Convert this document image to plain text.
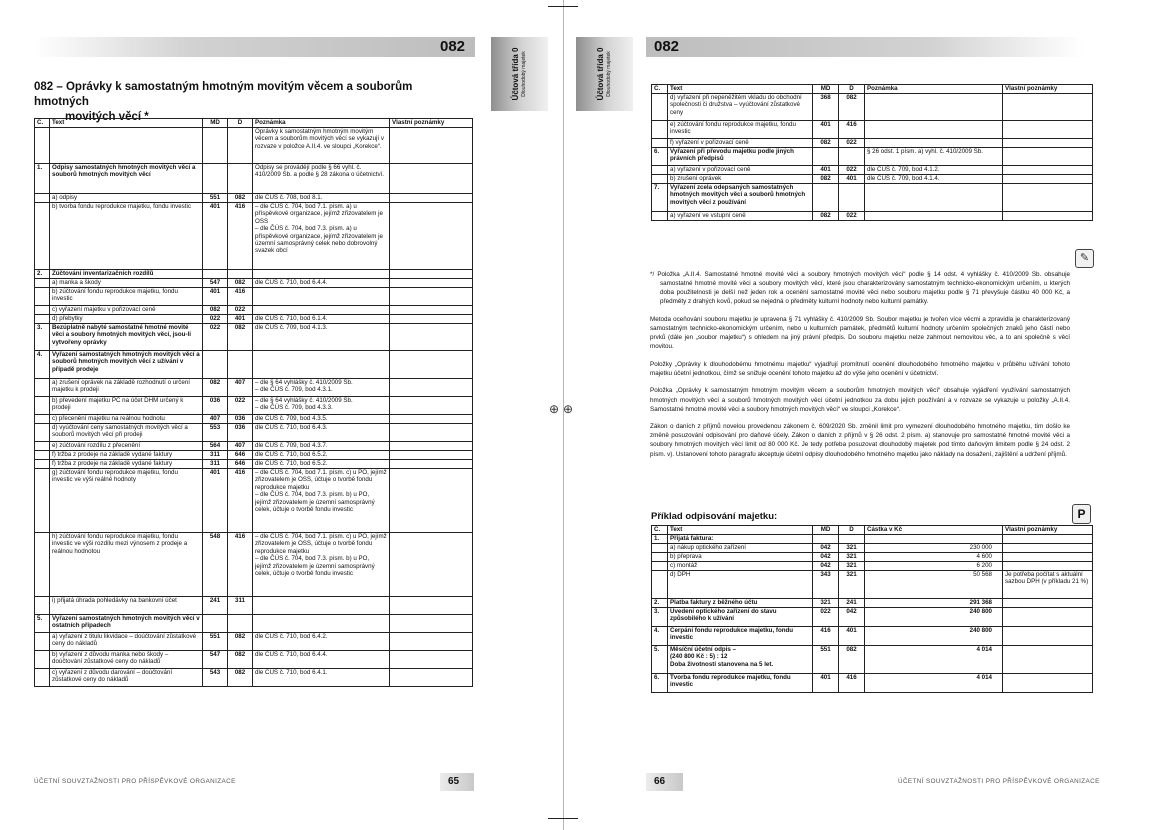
082
Účtová třída 0 Dlouhodobý majetek
082 – Oprávky k samostatným hmotným movitým věcem a souborům hmotných
movitých věcí *
Č.	Text	MD	D	Poznámka	Vlastní poznámky
				Oprávky k samostatným hmotným movitým věcem a souborům movitých věcí se vykazují v rozvaze v položce A.II.4. ve sloupci „Korekce“.	
1.	Odpisy samostatných hmotných movitých věcí a souborů hmotných movitých věcí			Odpisy se provádějí podle § 66 vyhl. č. 410/2009 Sb. a podle § 28 zákona o účetnictví.	
	a) odpisy	551	082	dle ČÚS č. 708, bod 8.1.	
	b) tvorba fondu reprodukce majetku, fondu investic	401	416	– dle ČÚS č. 704, bod 7.1. písm. a) u příspěvkové organizace, jejímž zřizovatelem je OSS
– dle ČÚS č. 704, bod 7.3. písm. a) u příspěvkové organizace, jejímž zřizovatelem je územní samosprávný celek nebo dobrovolný svazek obcí	
2.	Zúčtování inventarizačních rozdílů				
	a) manka a škody	547	082	dle ČÚS č. 710, bod 6.4.4.	
	b) zúčtování fondu reprodukce majetku, fondu investic	401	416		
	c) vyřazení majetku v pořizovací ceně	082	022		
	d) přebytky	022	401	dle ČÚS č. 710, bod 6.1.4.	
3.	Bezúplatně nabyté samostatné hmotné movité věci a soubory hmotných movitých věcí, jsou-li vytvořeny oprávky	022	082	dle ČÚS č. 709, bod 4.1.3.	
4.	Vyřazení samostatných hmotných movitých věcí a souborů hmotných movitých věcí z užívání v případě prodeje				
	a) zrušení oprávek na základě rozhodnutí o určení majetku k prodeji	082	407	– dle § 64 vyhlášky č. 410/2009 Sb.
– dle ČÚS č. 709, bod 4.3.1.	
	b) převedení majetku PC na účet DHM určený k prodeji	036	022	– dle § 64 vyhlášky č. 410/2009 Sb.
– dle ČÚS č. 709, bod 4.3.3.	
	c) přecenění majetku na reálnou hodnotu	407	036	dle ČÚS č. 709, bod 4.3.5.	
	d) vyúčtování ceny samostatných movitých věcí a souborů movitých věcí při prodeji	553	036	dle ČÚS č. 710, bod 6.4.3.	
	e) zúčtování rozdílu z přecenění	564	407	dle ČÚS č. 709, bod 4.3.7.	
	f) tržba z prodeje na základě vydané faktury	311	646	dle ČÚS č. 710, bod 6.5.2.	
	f) tržba z prodeje na základě vydané faktury	311	646	dle ČÚS č. 710, bod 6.5.2.	
	g) zúčtování fondu reprodukce majetku, fondu investic ve výši reálné hodnoty	401	416	– dle ČÚS č. 704, bod 7.1. písm. c) u PO, jejímž zřizovatelem je OSS, účtuje o tvorbě fondu reprodukce majetku
– dle ČÚS č. 704, bod 7.3. písm. b) u PO, jejímž zřizovatelem je územní samosprávný celek, účtuje o tvorbě fondu investic	
	h) zúčtování fondu reprodukce majetku, fondu investic ve výši rozdílu mezi výnosem z prodeje a reálnou hodnotou	548	416	– dle ČÚS č. 704, bod 7.1. písm. c) u PO, jejímž zřizovatelem je OSS, účtuje o tvorbě fondu reprodukce majetku
– dle ČÚS č. 704, bod 7.3. písm. b) u PO, jejímž zřizovatelem je územní samosprávný celek, účtuje o tvorbě fondu investic	
	i) přijatá úhrada pohledávky na bankovní účet	241	311		
5.	Vyřazení samostatných hmotných movitých věcí v ostatních případech				
	a) vyřazení z titulu likvidace – doúčtování zůstatkové ceny do nákladů	551	082	dle ČÚS č. 710, bod 6.4.2.	
	b) vyřazení z důvodu manka nebo škody – doúčtování zůstatkové ceny do nákladů	547	082	dle ČÚS č. 710, bod 6.4.4.	
	c) vyřazení z důvodu darování – doúčtování zůstatkové ceny do nákladů	543	082	dle ČÚS č. 710, bod 6.4.1.	
ÚČETNÍ SOUVZTAŽNOSTI PRO PŘÍSPĚVKOVÉ ORGANIZACE	65
Účtová třída 0 Dlouhodobý majetek
082
Č.	Text	MD	D	Poznámka	Vlastní poznámky
	d) vyřazení při nepeněžitém vkladu do obchodní společnosti či družstva – vyúčtování zůstatkové ceny	368	082		
	e) zúčtování fondu reprodukce majetku, fondu investic	401	416		
	f) vyřazení v pořizovací ceně	082	022		
6.	Vyřazení při převodu majetku podle jiných právních předpisů			§ 26 odst. 1 písm. a) vyhl. č. 410/2009 Sb.	
	a) vyřazení v pořizovací ceně	401	022	dle ČÚS č. 709, bod 4.1.2.	
	b) zrušení oprávek	082	401	dle ČÚS č. 709, bod 4.1.4.	
7.	Vyřazení zcela odepsaných samostatných hmotných movitých věcí a souborů hmotných movitých věcí z používání				
	a) vyřazení ve vstupní ceně	082	022		
✎

*/ Položka „A.II.4. Samostatné hmotné movité věci a soubory hmotných movitých věcí“ podle § 14 odst. 4 vyhlášky č. 410/2009 Sb. obsahuje samostatné hmotné movité věci a soubory movitých věcí, které jsou charakterizovány samostatným technicko-ekonomickým určením, u kterých doba použitelnosti je delší než jeden rok a ocenění samostatné movité věci nebo souboru majetku podle § 71 převyšuje částku 40 000 Kč, a předměty z drahých kovů, pokud se nejedná o předměty kulturní hodnoty nebo kulturní památky.

Metoda oceňování souboru majetku je upravena § 71 vyhlášky č. 410/2009 Sb. Soubor majetku je tvořen více věcmi a zpravidla je charakterizovaný samostatným technicko-ekonomickým určením, nebo u kulturních památek, předmětů kulturní hodnoty určením společných znaků jeho částí nebo prvků (dále jen „soubor majetku“) s ohledem na jiný právní předpis. Do souboru majetku nelze zahrnout nemovitou věc, a to ani společně s věcí movitou.

Položky „Oprávky k dlouhodobému hmotnému majetku“ vyjadřují promítnutí ocenění dlouhodobého hmotného majetku v průběhu užívání tohoto majetku účetní jednotkou, čímž se snižuje ocenění tohoto majetku až do výše jeho ocenění v účetnictví.

Položka „Oprávky k samostatným hmotným movitým věcem a souborům hmotných movitých věcí“ obsahuje vyjádření využívání samostatných hmotných movitých věcí a souborů hmotných movitých věcí účetní jednotkou za dobu jejich používání a v rozvaze se vykazuje u položky „A.II.4. Samostatné hmotné movité věci a soubory hmotných movitých věcí“ ve sloupci „Korekce“.

Zákon o daních z příjmů novelou provedenou zákonem č. 609/2020 Sb. změnil limit pro vymezení dlouhodobého hmotného majetku, tím došlo ke změně posuzování odpisování pro daňové účely. Zákon o daních z příjmů v § 26 odst. 2 písm. a) stanovuje pro samostatné hmotné movité věci a soubory hmotných movitých věcí limit od 80 000 Kč. Je tedy potřeba posuzovat dlouhodobý majetek pod tímto daňovým limitem podle § 24 odst. 2 písm. v). Ustanovení tohoto paragrafu akceptuje účetní odpisy dlouhodobého hmotného majetku jako náklady na dosažení, zajištění a udržení příjmů.

Příklad odpisování majetku:	P
Č.	Text	MD	D	Částka v Kč	Vlastní poznámky
1.	Přijatá faktura:				
	a) nákup optického zařízení	042	321	230 000	
	b) přeprava	042	321	4 600	
	c) montáž	042	321	6 200	
	d) DPH	343	321	50 568	Je potřeba počítat s aktuální sazbou DPH (v příkladu 21 %)
2.	Platba faktury z běžného účtu	321	241	291 368	
3.	Uvedení optického zařízení do stavu způsobilého k užívání	022	042	240 800	
4.	Čerpání fondu reprodukce majetku, fondu investic	416	401	240 800	
5.	Měsíční účetní odpis –
(240 800 Kč : 5) : 12
Doba životnosti stanovena na 5 let.	551	082	4 014	
6.	Tvorba fondu reprodukce majetku, fondu investic	401	416	4 014	
66	ÚČETNÍ SOUVZTAŽNOSTI PRO PŘÍSPĚVKOVÉ ORGANIZACE
⊕ ⊕
